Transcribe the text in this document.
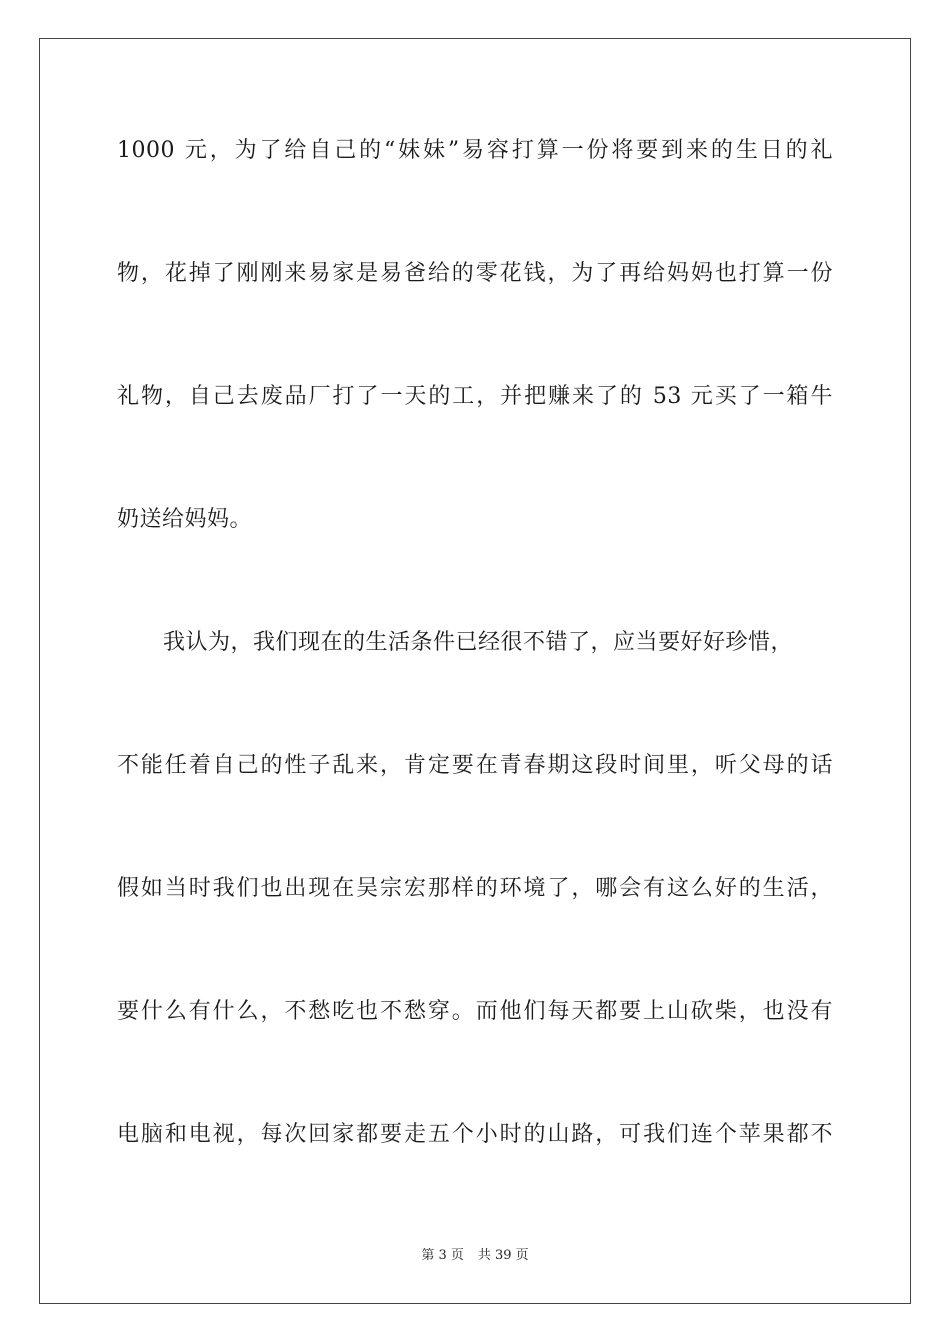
1000 元，为了给自己的“妹妹”易容打算一份将要到来的生日的礼
物，花掉了刚刚来易家是易爸给的零花钱，为了再给妈妈也打算一份
礼物，自己去废品厂打了一天的工，并把赚来了的 53 元买了一箱牛
奶送给妈妈。
我认为，我们现在的生活条件已经很不错了，应当要好好珍惜，
不能任着自己的性子乱来，肯定要在青春期这段时间里，听父母的话
假如当时我们也出现在吴宗宏那样的环境了，哪会有这么好的生活，
要什么有什么，不愁吃也不愁穿。而他们每天都要上山砍柴，也没有
电脑和电视，每次回家都要走五个小时的山路，可我们连个苹果都不
第 3 页 共 39 页
